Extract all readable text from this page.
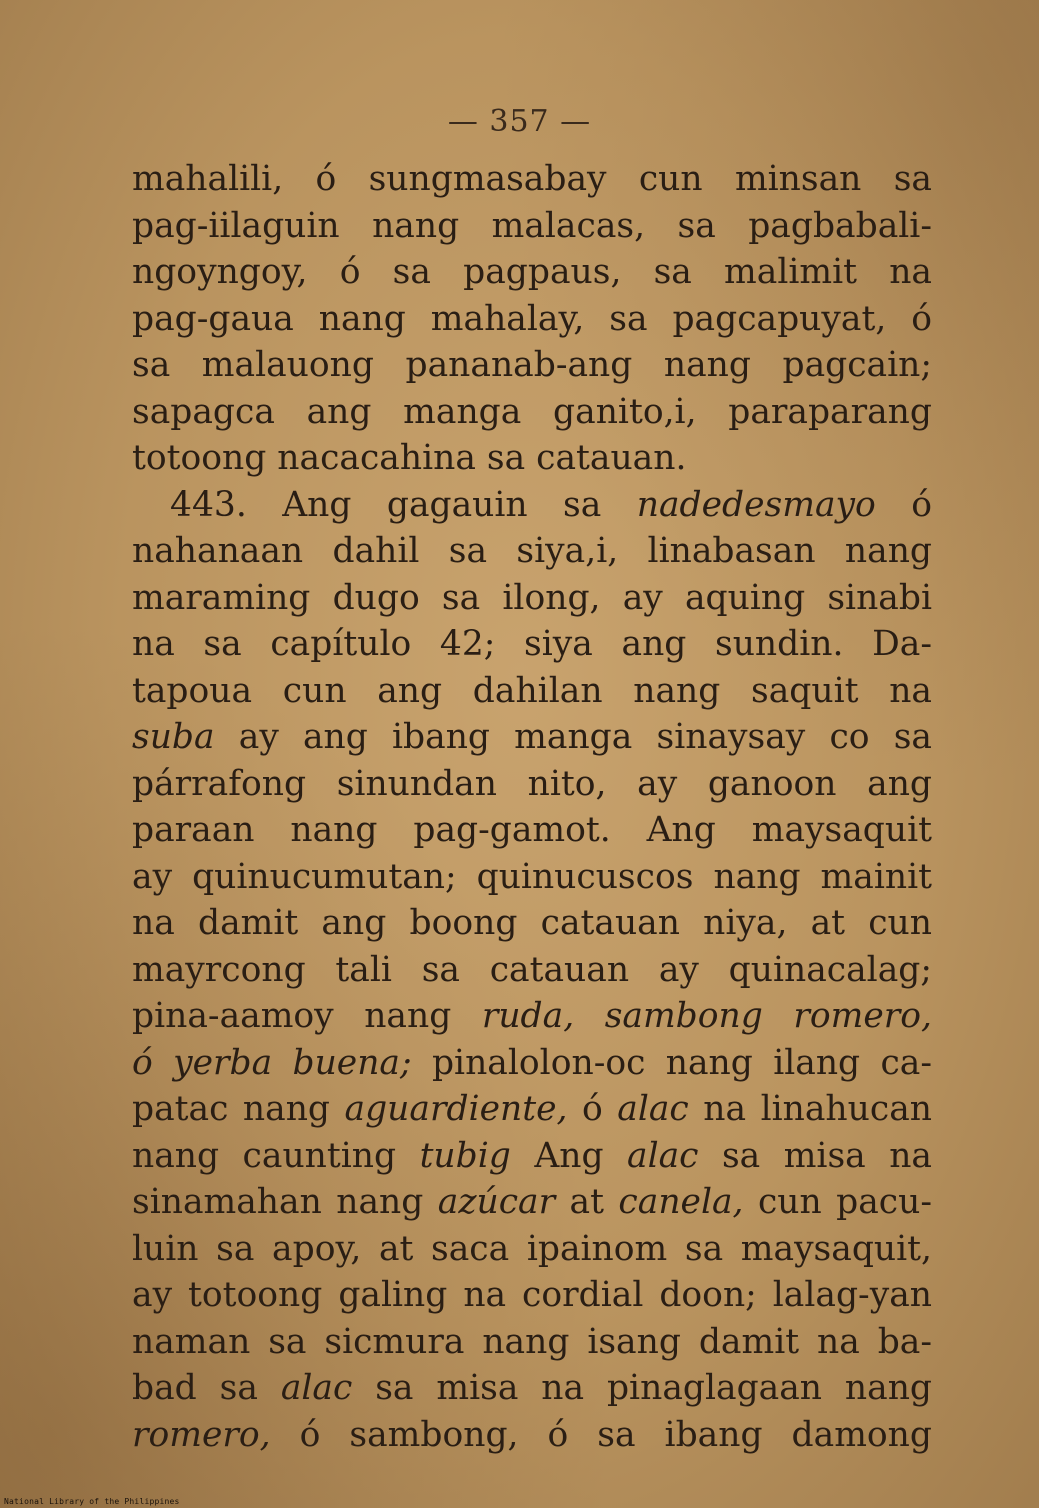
— 357 —
mahalili, ó sungmasabay cun minsan sa
pag-iilaguin nang malacas, sa pagbabali-
ngoyngoy, ó sa pagpaus, sa malimit na
pag-gaua nang mahalay, sa pagcapuyat, ó
sa malauong pananab-ang nang pagcain;
sapagca ang manga ganito,i, paraparang
totoong nacacahina sa catauan.
443. Ang gagauin sa nadedesmayo ó
nahanaan dahil sa siya,i, linabasan nang
maraming dugo sa ilong, ay aquing sinabi
na sa capítulo 42; siya ang sundin. Da-
tapoua cun ang dahilan nang saquit na
suba ay ang ibang manga sinaysay co sa
párrafong sinundan nito, ay ganoon ang
paraan nang pag-gamot. Ang maysaquit
ay quinucumutan; quinucuscos nang mainit
na damit ang boong catauan niya, at cun
mayrcong tali sa catauan ay quinacalag;
pina-aamoy nang ruda, sambong romero,
ó yerba buena; pinalolon-oc nang ilang ca-
patac nang aguardiente, ó alac na linahucan
nang caunting tubig Ang alac sa misa na
sinamahan nang azúcar at canela, cun pacu-
luin sa apoy, at saca ipainom sa maysaquit,
ay totoong galing na cordial doon; lalag-yan
naman sa sicmura nang isang damit na ba-
bad sa alac sa misa na pinaglagaan nang
romero, ó sambong, ó sa ibang damong
National Library of the Philippines
